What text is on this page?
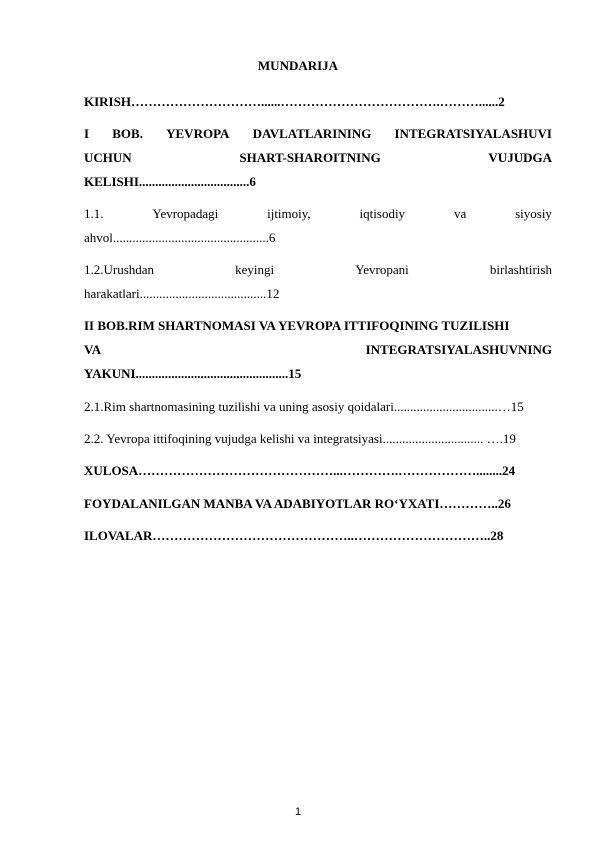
MUNDARIJA
KIRISH…………………………......……………………………….………......2
I BOB. YEVROPA DAVLATLARINING INTEGRATSIYALASHUVI
UCHUN	SHART-SHAROITNING	VUJUDGA
KELISHI..................................6
1.1.	Yevropadagi	ijtimoiy,	iqtisodiy	va	siyosiy
ahvol................................................6
1.2.Urushdan	keyingi	Yevropani	birlashtirish
harakatlari.......................................12
II BOB.RIM SHARTNOMASI VA YEVROPA ITTIFOQINING TUZILISHI
VA	INTEGRATSIYALASHUVNING
YAKUNI...............................................15
2.1.Rim shartnomasining tuzilishi va uning asosiy qoidalari................................…15
2.2. Yevropa ittifoqining vujudga kelishi va integratsiyasi............................... ….19
XULOSA………………………………………...………….………………........24
FOYDALANILGAN MANBA VA ADABIYOTLAR RO‘YXATI…………..26
ILOVALAR………………………………………..…………………………..28
1
